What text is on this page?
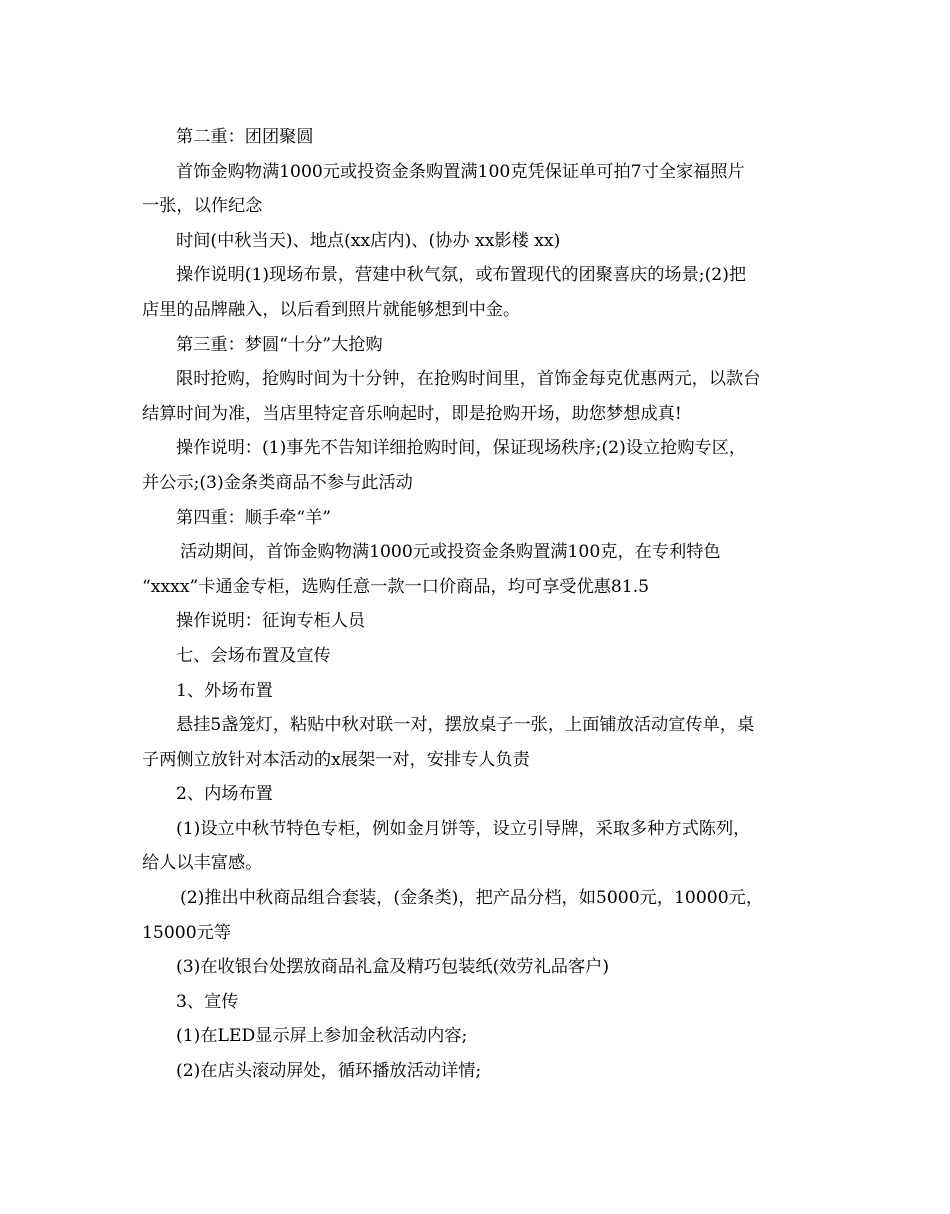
第二重：团团聚圆
首饰金购物满1000元或投资金条购置满100克凭保证单可拍7寸全家福照片
一张，以作纪念
时间(中秋当天)、地点(xx店内)、(协办 xx影楼 xx)
操作说明(1)现场布景，营建中秋气氛，或布置现代的团聚喜庆的场景;(2)把
店里的品牌融入，以后看到照片就能够想到中金。
第三重：梦圆“十分”大抢购
限时抢购，抢购时间为十分钟，在抢购时间里，首饰金每克优惠两元，以款台
结算时间为准，当店里特定音乐响起时，即是抢购开场，助您梦想成真!
操作说明：(1)事先不告知详细抢购时间，保证现场秩序;(2)设立抢购专区，
并公示;(3)金条类商品不参与此活动
第四重：顺手牵“羊”
活动期间，首饰金购物满1000元或投资金条购置满100克，在专利特色
“xxxx”卡通金专柜，选购任意一款一口价商品，均可享受优惠81.5
操作说明：征询专柜人员
七、会场布置及宣传
1、外场布置
悬挂5盏笼灯，粘贴中秋对联一对，摆放桌子一张，上面铺放活动宣传单，桌
子两侧立放针对本活动的x展架一对，安排专人负责
2、内场布置
(1)设立中秋节特色专柜，例如金月饼等，设立引导牌，采取多种方式陈列，
给人以丰富感。
(2)推出中秋商品组合套装，(金条类)，把产品分档，如5000元，10000元，
15000元等
(3)在收银台处摆放商品礼盒及精巧包装纸(效劳礼品客户)
3、宣传
(1)在LED显示屏上参加金秋活动内容;
(2)在店头滚动屏处，循环播放活动详情;
